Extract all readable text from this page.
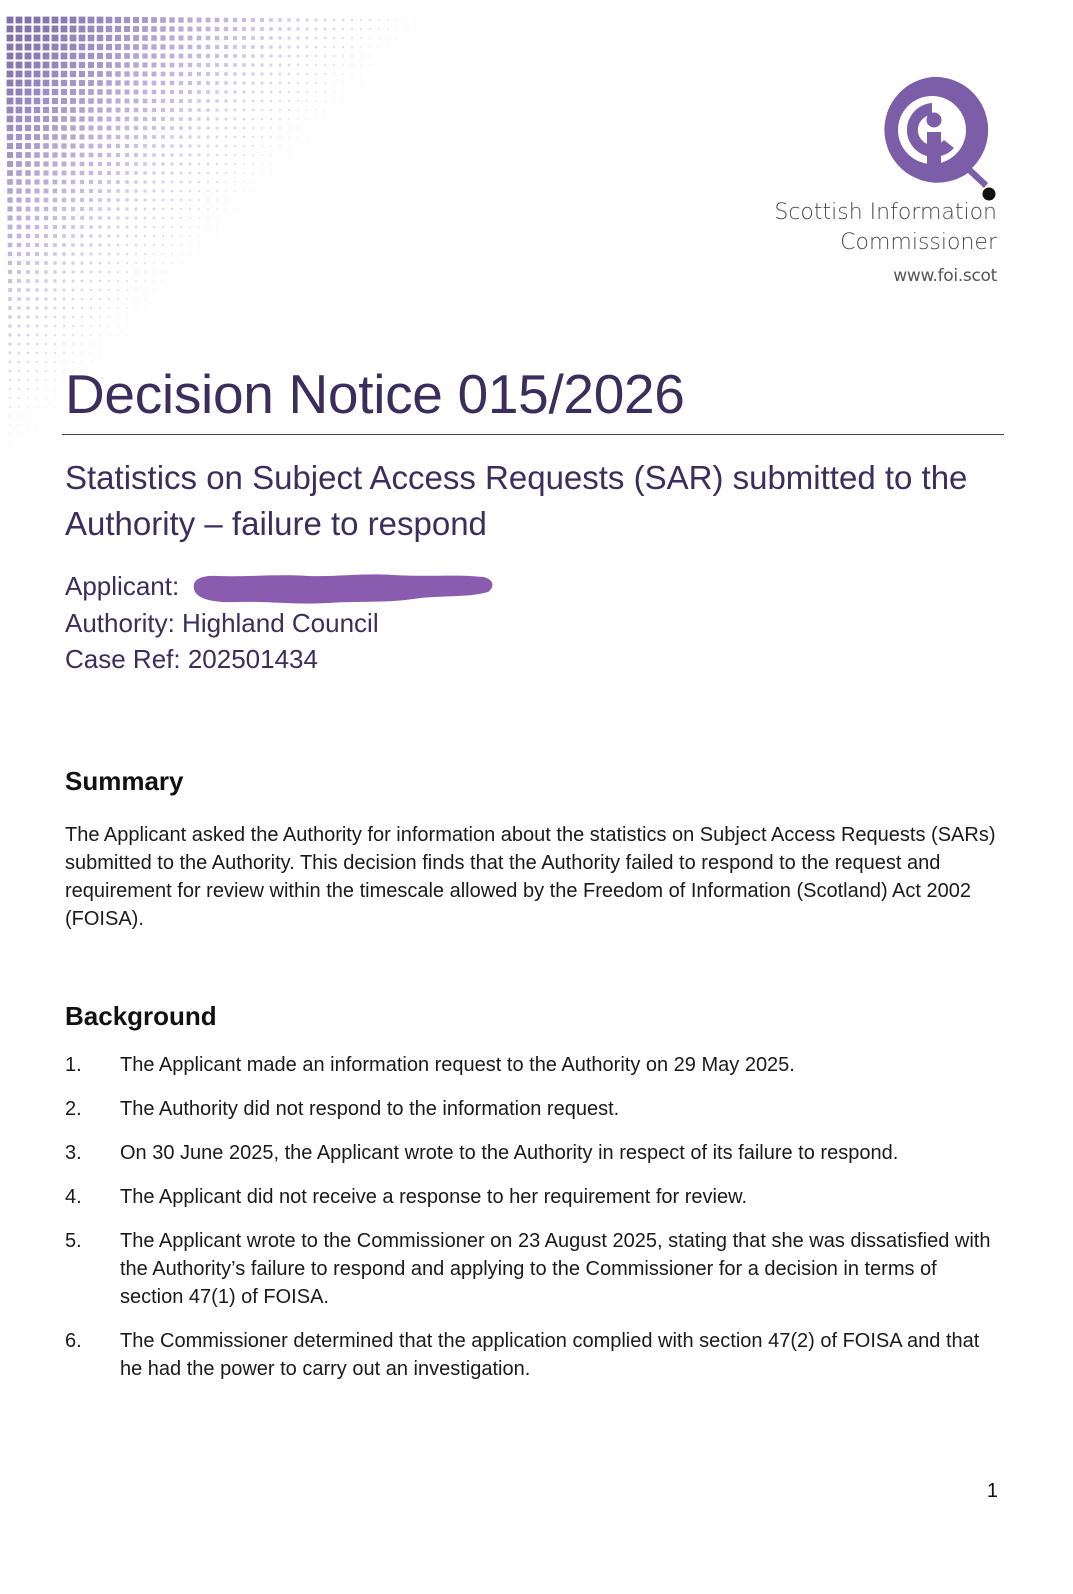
Scottish Information
Commissioner
www.foi.scot
Decision Notice 015/2026
Statistics on Subject Access Requests (SAR) submitted to the Authority – failure to respond
Applicant:
Authority: Highland Council
Case Ref: 202501434
Summary

The Applicant asked the Authority for information about the statistics on Subject Access Requests (SARs) submitted to the Authority. This decision finds that the Authority failed to respond to the request and requirement for review within the timescale allowed by the Freedom of Information (Scotland) Act 2002 (FOISA).

Background
1. The Applicant made an information request to the Authority on 29 May 2025.
2. The Authority did not respond to the information request.
3. On 30 June 2025, the Applicant wrote to the Authority in respect of its failure to respond.
4. The Applicant did not receive a response to her requirement for review.
5. The Applicant wrote to the Commissioner on 23 August 2025, stating that she was dissatisfied with the Authority’s failure to respond and applying to the Commissioner for a decision in terms of section 47(1) of FOISA.
6. The Commissioner determined that the application complied with section 47(2) of FOISA and that he had the power to carry out an investigation.
1
